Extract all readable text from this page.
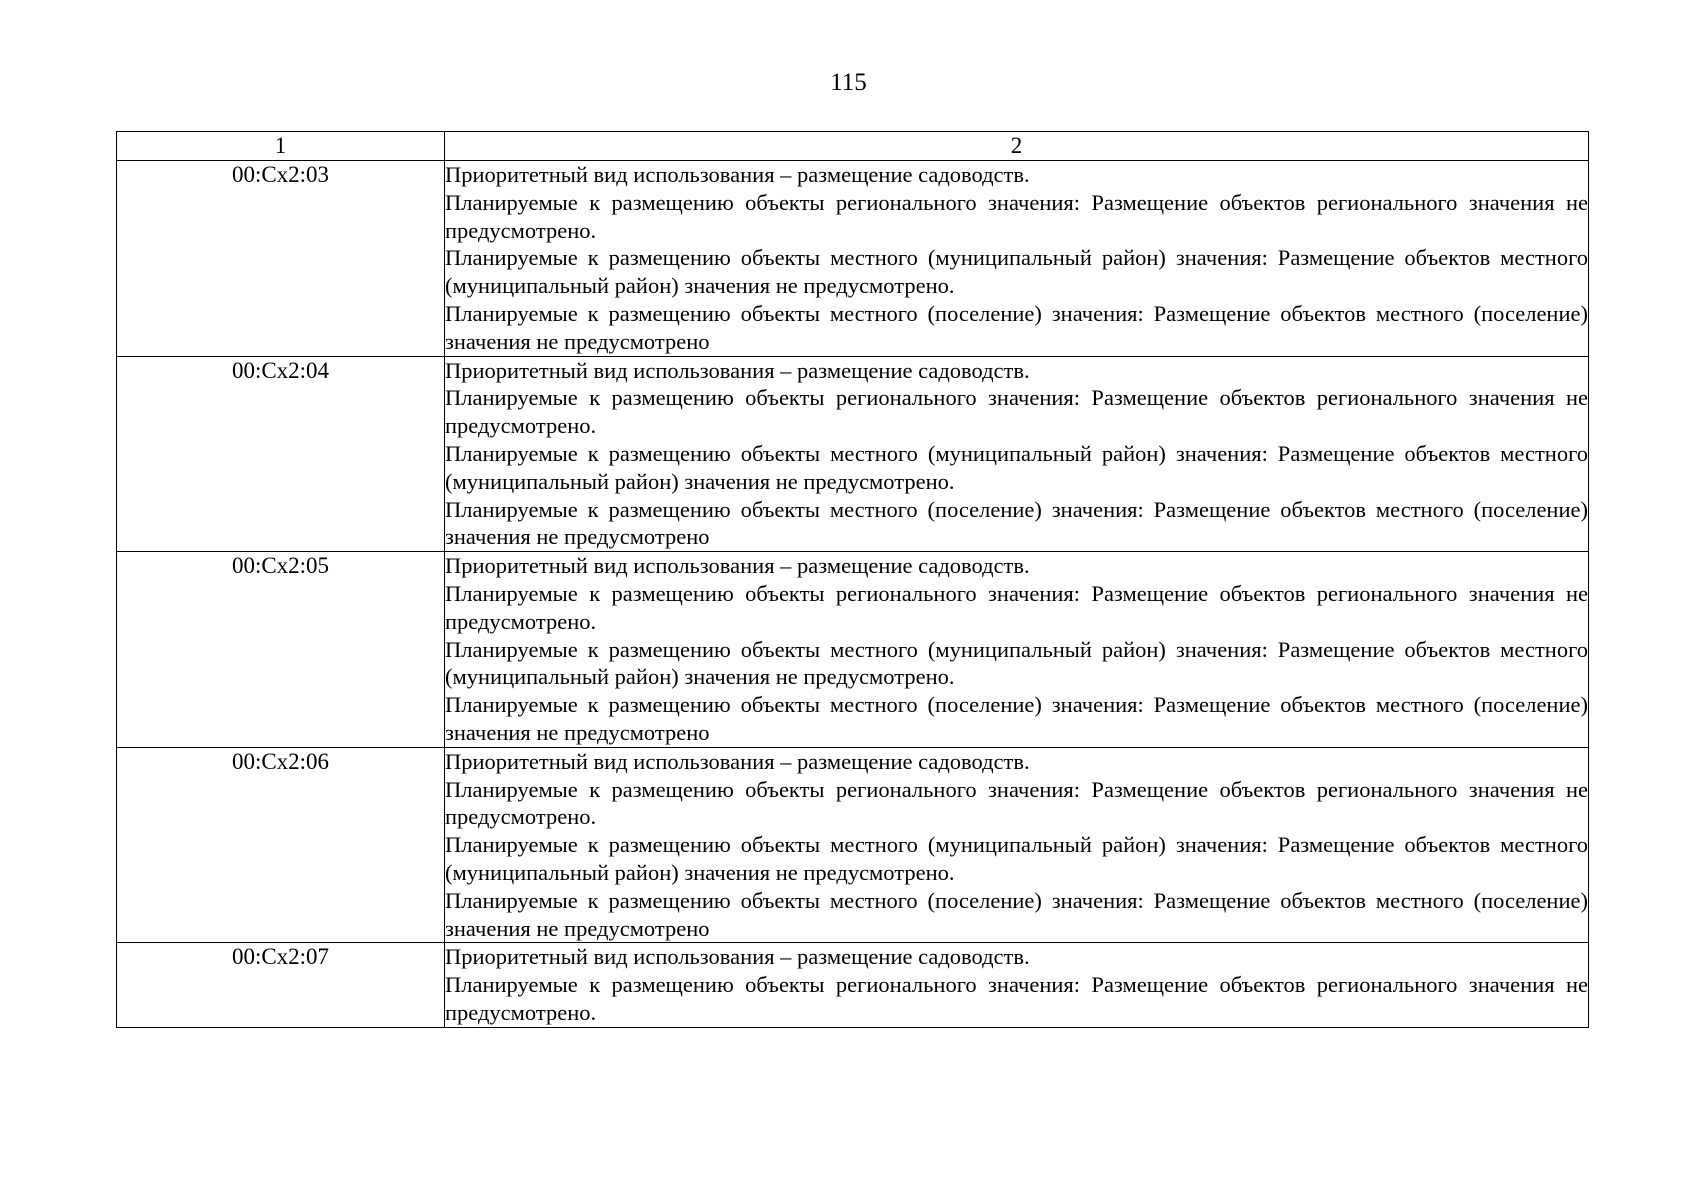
115
1	2
00:Сх2:03	Приоритетный вид использования – размещение садоводств.

Планируемые к размещению объекты регионального значения: Размещение объектов регионального значения не предусмотрено.

Планируемые к размещению объекты местного (муниципальный район) значения: Размещение объектов местного (муниципальный район) значения не предусмотрено.

Планируемые к размещению объекты местного (поселение) значения: Размещение объектов местного (поселение) значения не предусмотрено

00:Сх2:04	Приоритетный вид использования – размещение садоводств.

Планируемые к размещению объекты регионального значения: Размещение объектов регионального значения не предусмотрено.

Планируемые к размещению объекты местного (муниципальный район) значения: Размещение объектов местного (муниципальный район) значения не предусмотрено.

Планируемые к размещению объекты местного (поселение) значения: Размещение объектов местного (поселение) значения не предусмотрено

00:Сх2:05	Приоритетный вид использования – размещение садоводств.

Планируемые к размещению объекты регионального значения: Размещение объектов регионального значения не предусмотрено.

Планируемые к размещению объекты местного (муниципальный район) значения: Размещение объектов местного (муниципальный район) значения не предусмотрено.

Планируемые к размещению объекты местного (поселение) значения: Размещение объектов местного (поселение) значения не предусмотрено

00:Сх2:06	Приоритетный вид использования – размещение садоводств.

Планируемые к размещению объекты регионального значения: Размещение объектов регионального значения не предусмотрено.

Планируемые к размещению объекты местного (муниципальный район) значения: Размещение объектов местного (муниципальный район) значения не предусмотрено.

Планируемые к размещению объекты местного (поселение) значения: Размещение объектов местного (поселение) значения не предусмотрено

00:Сх2:07	Приоритетный вид использования – размещение садоводств.

Планируемые к размещению объекты регионального значения: Размещение объектов регионального значения не предусмотрено.
